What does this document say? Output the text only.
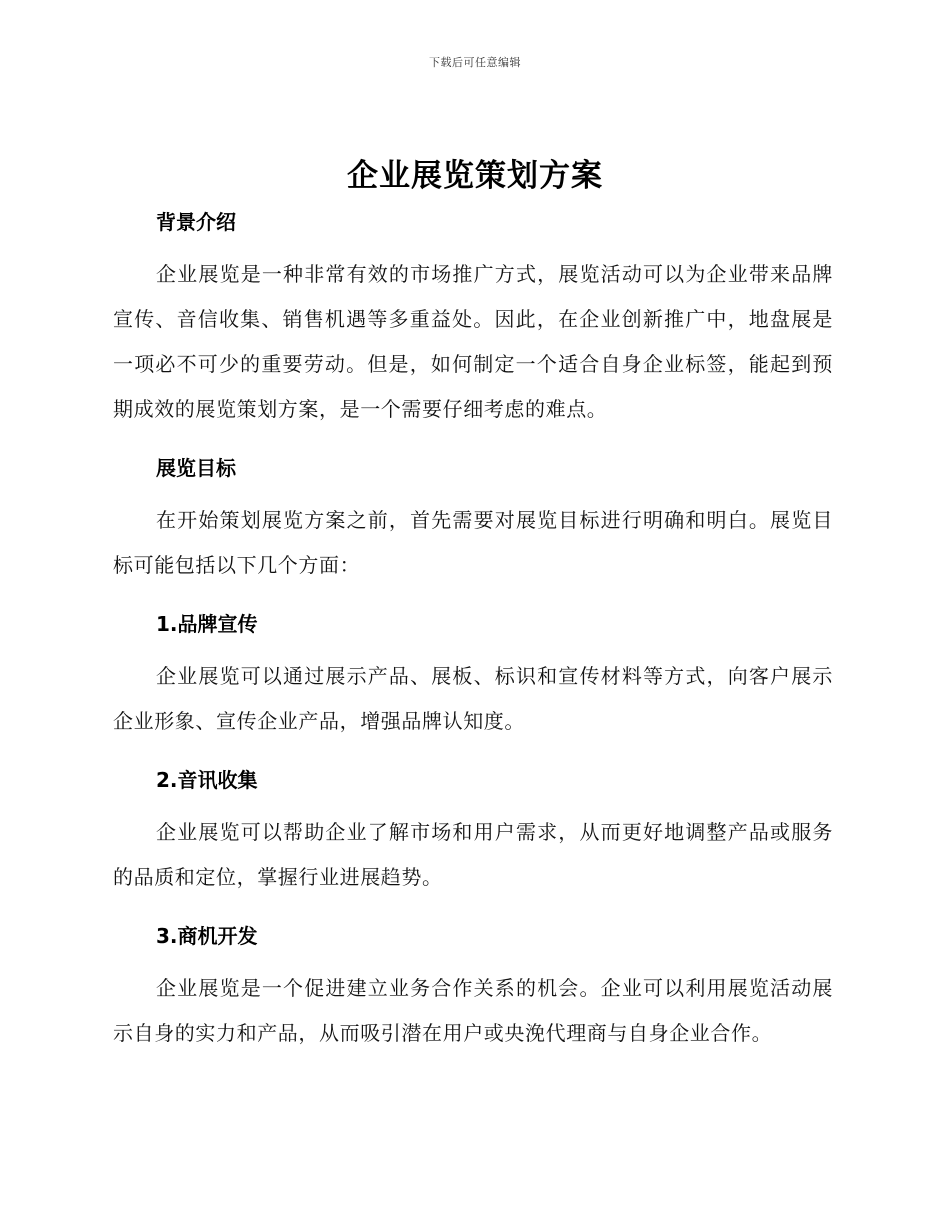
下载后可任意编辑
企业展览策划方案
背景介绍

企业展览是一种非常有效的市场推广方式，展览活动可以为企业带来品牌宣传、音信收集、销售机遇等多重益处。因此，在企业创新推广中，地盘展是一项必不可少的重要劳动。但是，如何制定一个适合自身企业标签，能起到预期成效的展览策划方案，是一个需要仔细考虑的难点。

展览目标

在开始策划展览方案之前，首先需要对展览目标进行明确和明白。展览目标可能包括以下几个方面：

1.品牌宣传

企业展览可以通过展示产品、展板、标识和宣传材料等方式，向客户展示企业形象、宣传企业产品，增强品牌认知度。

2.音讯收集

企业展览可以帮助企业了解市场和用户需求，从而更好地调整产品或服务的品质和定位，掌握行业进展趋势。

3.商机开发

企业展览是一个促进建立业务合作关系的机会。企业可以利用展览活动展示自身的实力和产品，从而吸引潜在用户或央浼代理商与自身企业合作。
